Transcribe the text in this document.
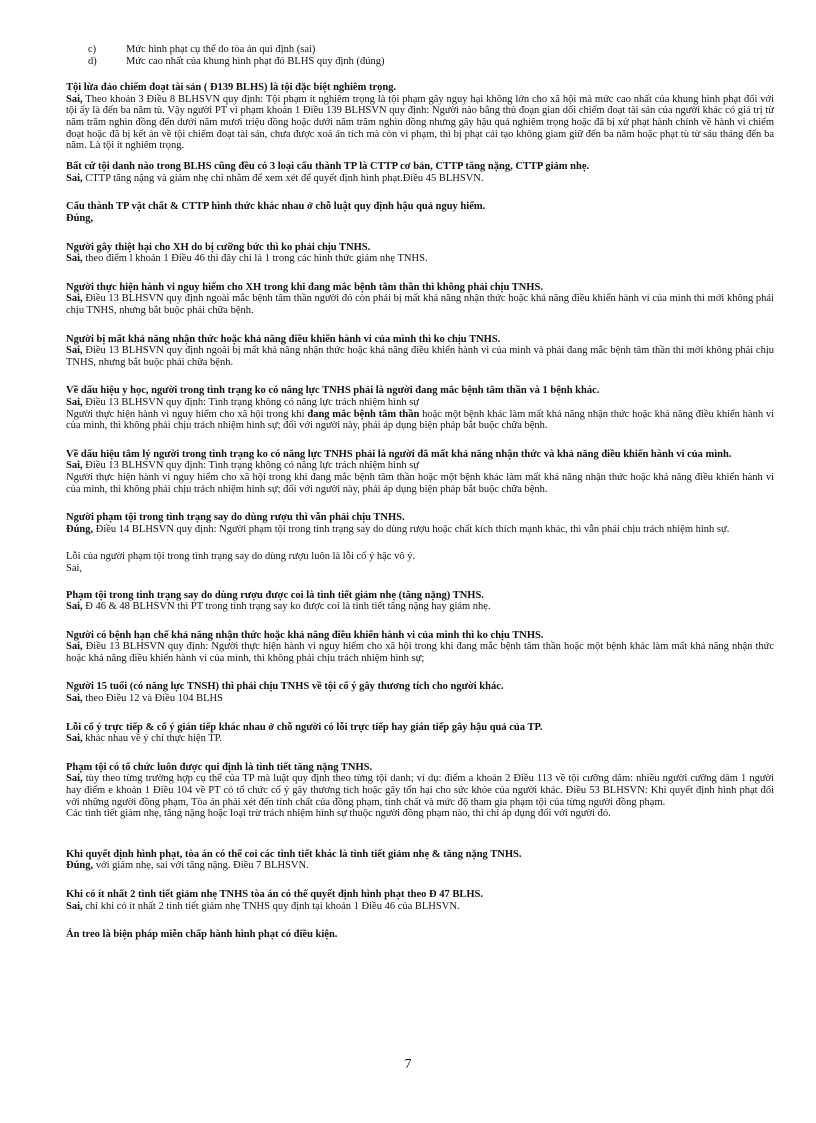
c)	Mức hình phạt cụ thể do tòa án qui định (sai)
d)	Mức cao nhất của khung hình phạt đó BLHS quy định (đúng)
Tội lừa đảo chiếm đoạt tài sản ( Đ139 BLHS) là tội đặc biệt nghiêm trọng.
Sai, Theo khoản 3 Điều 8 BLHSVN quy định: Tội phạm ít nghiêm trọng là tội phạm gây nguy hại không lớn cho xã hội mà mức cao nhất của khung hình phạt đối với tội ấy là đến ba năm tù. Vậy người PT vi phạm khoản 1 Điều 139 BLHSVN quy định: Người nào bằng thủ đoạn gian dối chiếm đoạt tài sản của người khác có giá trị từ năm trăm nghìn đồng đến dưới năm mươi triệu đồng hoặc dưới năm trăm nghìn đồng nhưng gây hậu quả nghiêm trọng hoặc đã bị xử phạt hành chính về hành vi chiếm đoạt hoặc đã bị kết án về tội chiếm đoạt tài sản, chưa được xoá án tích mà còn vi phạm, thì bị phạt cải tạo không giam giữ đến ba năm hoặc phạt tù từ sáu tháng đến ba năm. Là tội ít nghiêm trọng.
Bất cứ tội danh nào trong BLHS cũng đều có 3 loại cấu thành TP là CTTP cơ bản, CTTP tăng nặng, CTTP giảm nhẹ.
Sai, CTTP tăng nặng và giảm nhẹ chỉ nhằm để xem xét để quyết định hình phạt.Điều 45 BLHSVN.
Cấu thành TP vật chất & CTTP hình thức khác nhau ở chỗ luật quy định hậu quả nguy hiểm.
Đúng,
Người gây thiệt hại cho XH do bị cưỡng bức thì ko phải chịu TNHS.
Sai, theo điểm l khoản 1 Điều 46 thì đây chỉ là 1 trong các hình thức giảm nhẹ TNHS.
Người thực hiện hành vi nguy hiểm cho XH trong khi đang mắc bệnh tâm thần thì không phải chịu TNHS.
Sai, Điều 13 BLHSVN quy định ngoài mắc bệnh tâm thần người đó còn phải bị mất khả năng nhận thức hoặc khả năng điều khiển hành vi của mình thì mới không phải chịu TNHS, nhưng bắt buộc phải chữa bệnh.
Người bị mất khả năng nhận thức hoặc khả năng điều khiển hành vi của mình thì ko chịu TNHS.
Sai, Điều 13 BLHSVN quy định ngoài bị mất khả năng nhận thức hoặc khả năng điều khiển hành vi của mình và phải đang mắc bệnh tâm thần thì mới không phải chịu TNHS, nhưng bắt buộc phải chữa bệnh.
Về dấu hiệu y học, người trong tình trạng ko có năng lực TNHS phải là người đang mắc bệnh tâm thần và 1 bệnh khác.
Sai, Điều 13 BLHSVN quy định: Tình trạng không có năng lực trách nhiệm hình sự
Người thực hiện hành vi nguy hiểm cho xã hội trong khi đang mắc bệnh tâm thần hoặc một bệnh khác làm mất khả năng nhận thức hoặc khả năng điều khiển hành vi của mình, thì không phải chịu trách nhiệm hình sự; đối với người này, phải áp dụng biện pháp bắt buộc chữa bệnh.
Về dấu hiệu tâm lý người trong tình trạng ko có năng lực TNHS phải là người đã mất khả năng nhận thức và khả năng điều khiển hành vi của mình.
Sai, Điều 13 BLHSVN quy định: Tình trạng không có năng lực trách nhiệm hình sự
Người thực hiện hành vi nguy hiểm cho xã hội trong khi đang mắc bệnh tâm thần hoặc một bệnh khác làm mất khả năng nhận thức hoặc khả năng điều khiển hành vi của mình, thì không phải chịu trách nhiệm hình sự; đối với người này, phải áp dụng biện pháp bắt buộc chữa bệnh.
Người phạm tội trong tình trạng say do dùng rượu thì vẫn phải chịu TNHS.
Đúng, Điều 14 BLHSVN quy định: Người phạm tội trong tình trạng say do dùng rượu hoặc chất kích thích mạnh khác, thì vẫn phải chịu trách nhiệm hình sự.
Lỗi của người phạm tội trong tình trạng say do dùng rượu luôn là lỗi cố ý hặc vô ý.
Sai,
Phạm tội trong tình trạng say do dùng rượu được coi là tình tiết giảm nhẹ (tăng nặng) TNHS.
Sai, Đ 46 & 48 BLHSVN thì PT trong tình trạng say ko được coi là tình tiết tăng nặng hay giảm nhẹ.
Người có bệnh hạn chế khả năng nhận thức hoặc khả năng điều khiển hành vi của mình thì ko chịu TNHS.
Sai, Điều 13 BLHSVN quy định: Người thực hiện hành vi nguy hiểm cho xã hội trong khi đang mắc bệnh tâm thần hoặc một bệnh khác làm mất khả năng nhận thức hoặc khả năng điều khiển hành vi của mình, thì không phải chịu trách nhiệm hình sự;
Người 15 tuổi (có năng lực TNSH) thì phải chịu TNHS về tội cố ý gây thương tích cho người khác.
Sai, theo Điều 12 và Điều 104 BLHS
Lỗi cố ý trực tiếp & cố ý gián tiếp khác nhau ở chỗ người có lỗi trực tiếp hay gián tiếp gây hậu quả của TP.
Sai, khác nhau về ý chí thực hiện TP.
Phạm tội có tổ chức luôn được qui định là tình tiết tăng nặng TNHS.
Sai, tùy theo từng trường hợp cụ thể của TP mà luật quy định theo từng tội danh; ví dụ: điểm a khoản 2 Điều 113 về tội cưỡng dâm: nhiều người cưỡng dâm 1 người hay điểm e khoản 1 Điều 104 về PT có tổ chức cố ý gây thương tích hoặc gây tổn hại cho sức khỏe của người khác. Điều 53 BLHSVN: Khi quyết định hình phạt đối với những người đồng phạm, Tòa án phải xét đến tính chất của đồng phạm, tính chất và mức độ tham gia phạm tội của từng người đồng phạm.
Các tình tiết giảm nhẹ, tăng nặng hoặc loại trừ trách nhiệm hình sự thuộc người đồng phạm nào, thì chỉ áp dụng đối với người đó.
Khi quyết định hình phạt, tòa án có thể coi các tình tiết khác là tình tiết giảm nhẹ & tăng nặng TNHS.
Đúng, với giảm nhẹ, sai với tăng nặng. Điều 7 BLHSVN.
Khi có ít nhất 2 tình tiết giảm nhẹ TNHS tòa án có thể quyết định hình phạt theo Đ 47 BLHS.
Sai, chỉ khi có ít nhất 2 tình tiết giảm nhẹ TNHS quy định tại khoản 1 Điều 46 của BLHSVN.
Án treo là biện pháp miễn chấp hành hình phạt có điều kiện.
7
